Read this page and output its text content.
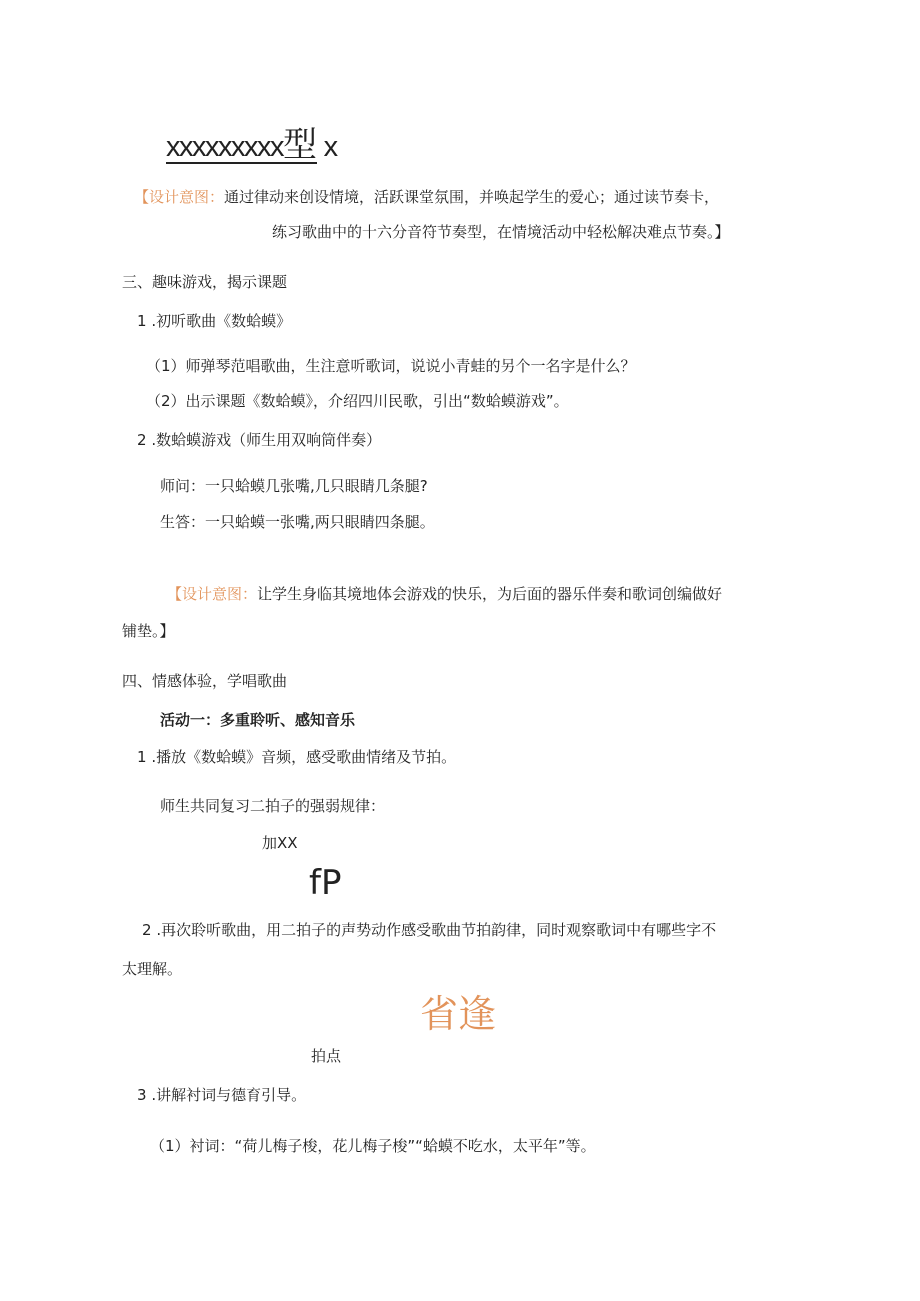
xxxxxxxxx型 x
【设计意图：通过律动来创设情境，活跃课堂氛围，并唤起学生的爱心；通过读节奏卡，
练习歌曲中的十六分音符节奏型，在情境活动中轻松解决难点节奏。】
三、趣味游戏，揭示课题
1 .初听歌曲《数蛤蟆》
（1）师弹琴范唱歌曲，生注意听歌词，说说小青蛙的另个一名字是什么？
（2）出示课题《数蛤蟆》，介绍四川民歌，引出“数蛤蟆游戏”。
2 .数蛤蟆游戏（师生用双响筒伴奏）
师问：一只蛤蟆几张嘴,几只眼睛几条腿?
生答：一只蛤蟆一张嘴,两只眼睛四条腿。
【设计意图：让学生身临其境地体会游戏的快乐，为后面的器乐伴奏和歌词创编做好
铺垫。】
四、情感体验，学唱歌曲
活动一：多重聆听、感知音乐
1 .播放《数蛤蟆》音频，感受歌曲情绪及节拍。
师生共同复习二拍子的强弱规律：
加XX
fP
2 .再次聆听歌曲，用二拍子的声势动作感受歌曲节拍韵律，同时观察歌词中有哪些字不
太理解。
省逢
拍点
3 .讲解衬词与德育引导。
（1）衬词：“荷儿梅子梭，花儿梅子梭”“蛤蟆不吃水，太平年”等。
